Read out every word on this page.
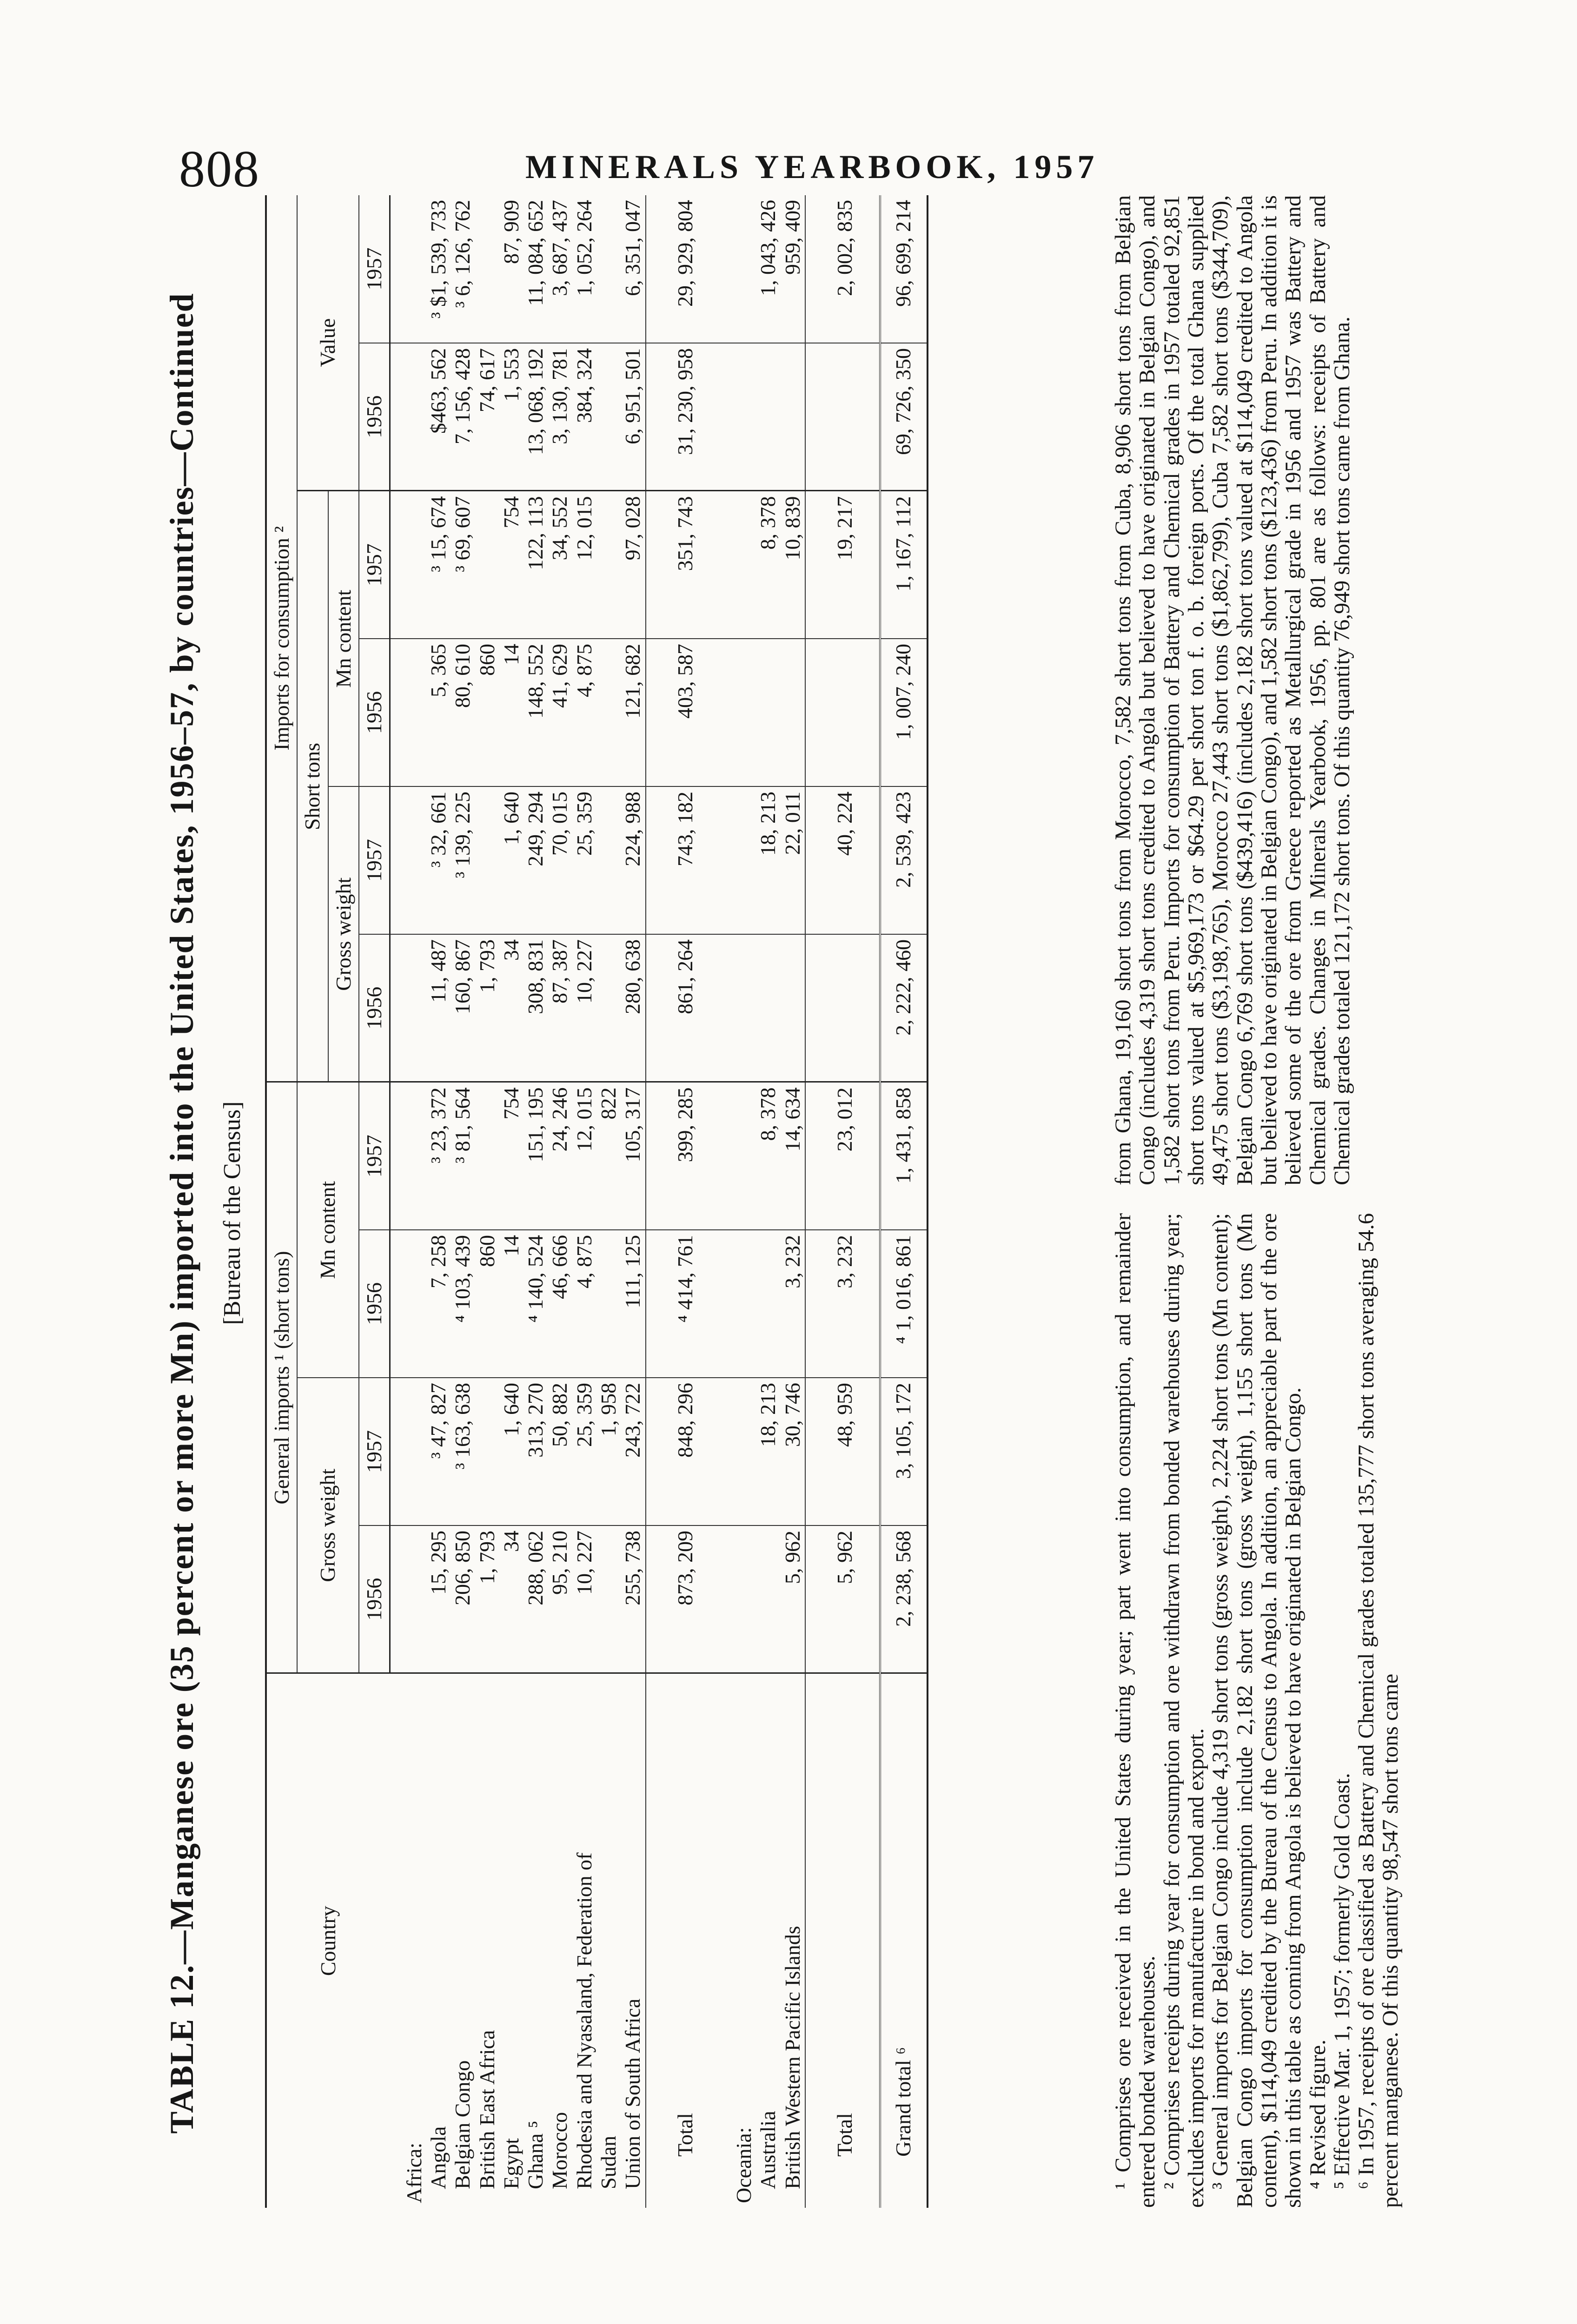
808	MINERALS YEARBOOK, 1957
TABLE 12.—Manganese ore (35 percent or more Mn) imported into the United States, 1956–57, by countries—Continued [Bureau of the Census]
Country	General imports ¹ (short tons)				Imports for consumption ²					
	Gross weight		Mn content		Short tons				Value	
					Gross weight		Mn content			
	1956	1957	1956	1957	1956	1957	1956	1957	1956	1957
Africa:										
Angola	15, 295	³ 47, 827	7, 258	³ 23, 372	11, 487	³ 32, 661	5, 365	³ 15, 674	$463, 562	³ $1, 539, 733
Belgian Congo	206, 850	³ 163, 638	⁴ 103, 439	³ 81, 564	160, 867	³ 139, 225	80, 610	³ 69, 607	7, 156, 428	³ 6, 126, 762
British East Africa	1, 793		860		1, 793		860		74, 617	
Egypt	34	1, 640	14	754	34	1, 640	14	754	1, 553	87, 909
Ghana ⁵	288, 062	313, 270	⁴ 140, 524	151, 195	308, 831	249, 294	148, 552	122, 113	13, 068, 192	11, 084, 652
Morocco	95, 210	50, 882	46, 666	24, 246	87, 387	70, 015	41, 629	34, 552	3, 130, 781	3, 687, 437
Rhodesia and Nyasaland, Federation of	10, 227	25, 359	4, 875	12, 015	10, 227	25, 359	4, 875	12, 015	384, 324	1, 052, 264
Sudan		1, 958		822						
Union of South Africa	255, 738	243, 722	111, 125	105, 317	280, 638	224, 988	121, 682	97, 028	6, 951, 501	6, 351, 047
Total	873, 209	848, 296	⁴ 414, 761	399, 285	861, 264	743, 182	403, 587	351, 743	31, 230, 958	29, 929, 804
Oceania:										
Australia		18, 213		8, 378		18, 213		8, 378		1, 043, 426
British Western Pacific Islands	5, 962	30, 746	3, 232	14, 634		22, 011		10, 839		959, 409
Total	5, 962	48, 959	3, 232	23, 012		40, 224		19, 217		2, 002, 835
Grand total ⁶	2, 238, 568	3, 105, 172	⁴ 1, 016, 861	1, 431, 858	2, 222, 460	2, 539, 423	1, 007, 240	1, 167, 112	69, 726, 350	96, 699, 214

¹ Comprises ore received in the United States during year; part went into consumption, and remainder entered bonded warehouses. ² Comprises receipts during year for consumption and ore withdrawn from bonded warehouses during year; excludes imports for manufacture in bond and export. ³ General imports for Belgian Congo include 4,319 short tons (gross weight), 2,224 short tons (Mn content); Belgian Congo imports for consumption include 2,182 short tons (gross weight), 1,155 short tons (Mn content), $114,049 credited by the Bureau of the Census to Angola. In addition, an appreciable part of the ore shown in this table as coming from Angola is believed to have originated in Belgian Congo. ⁴ Revised figure. ⁵ Effective Mar. 1, 1957; formerly Gold Coast. ⁶ In 1957, receipts of ore classified as Battery and Chemical grades totaled 135,777 short tons averaging 54.6 percent manganese. Of this quantity 98,547 short tons came

from Ghana, 19,160 short tons from Morocco, 7,582 short tons from Cuba, 8,906 short tons from Belgian Congo (includes 4,319 short tons credited to Angola but believed to have originated in Belgian Congo), and 1,582 short tons from Peru. Imports for consumption of Battery and Chemical grades in 1957 totaled 92,851 short tons valued at $5,969,173 or $64.29 per short ton f. o. b. foreign ports. Of the total Ghana supplied 49,475 short tons ($3,198,765), Morocco 27,443 short tons ($1,862,799), Cuba 7,582 short tons ($344,709), Belgian Congo 6,769 short tons ($439,416) (includes 2,182 short tons valued at $114,049 credited to Angola but believed to have originated in Belgian Congo), and 1,582 short tons ($123,436) from Peru. In addition it is believed some of the ore from Greece reported as Metallurgical grade in 1956 and 1957 was Battery and Chemical grades. Changes in Minerals Yearbook, 1956, pp. 801 are as follows: receipts of Battery and Chemical grades totaled 121,172 short tons. Of this quantity 76,949 short tons came from Ghana.
